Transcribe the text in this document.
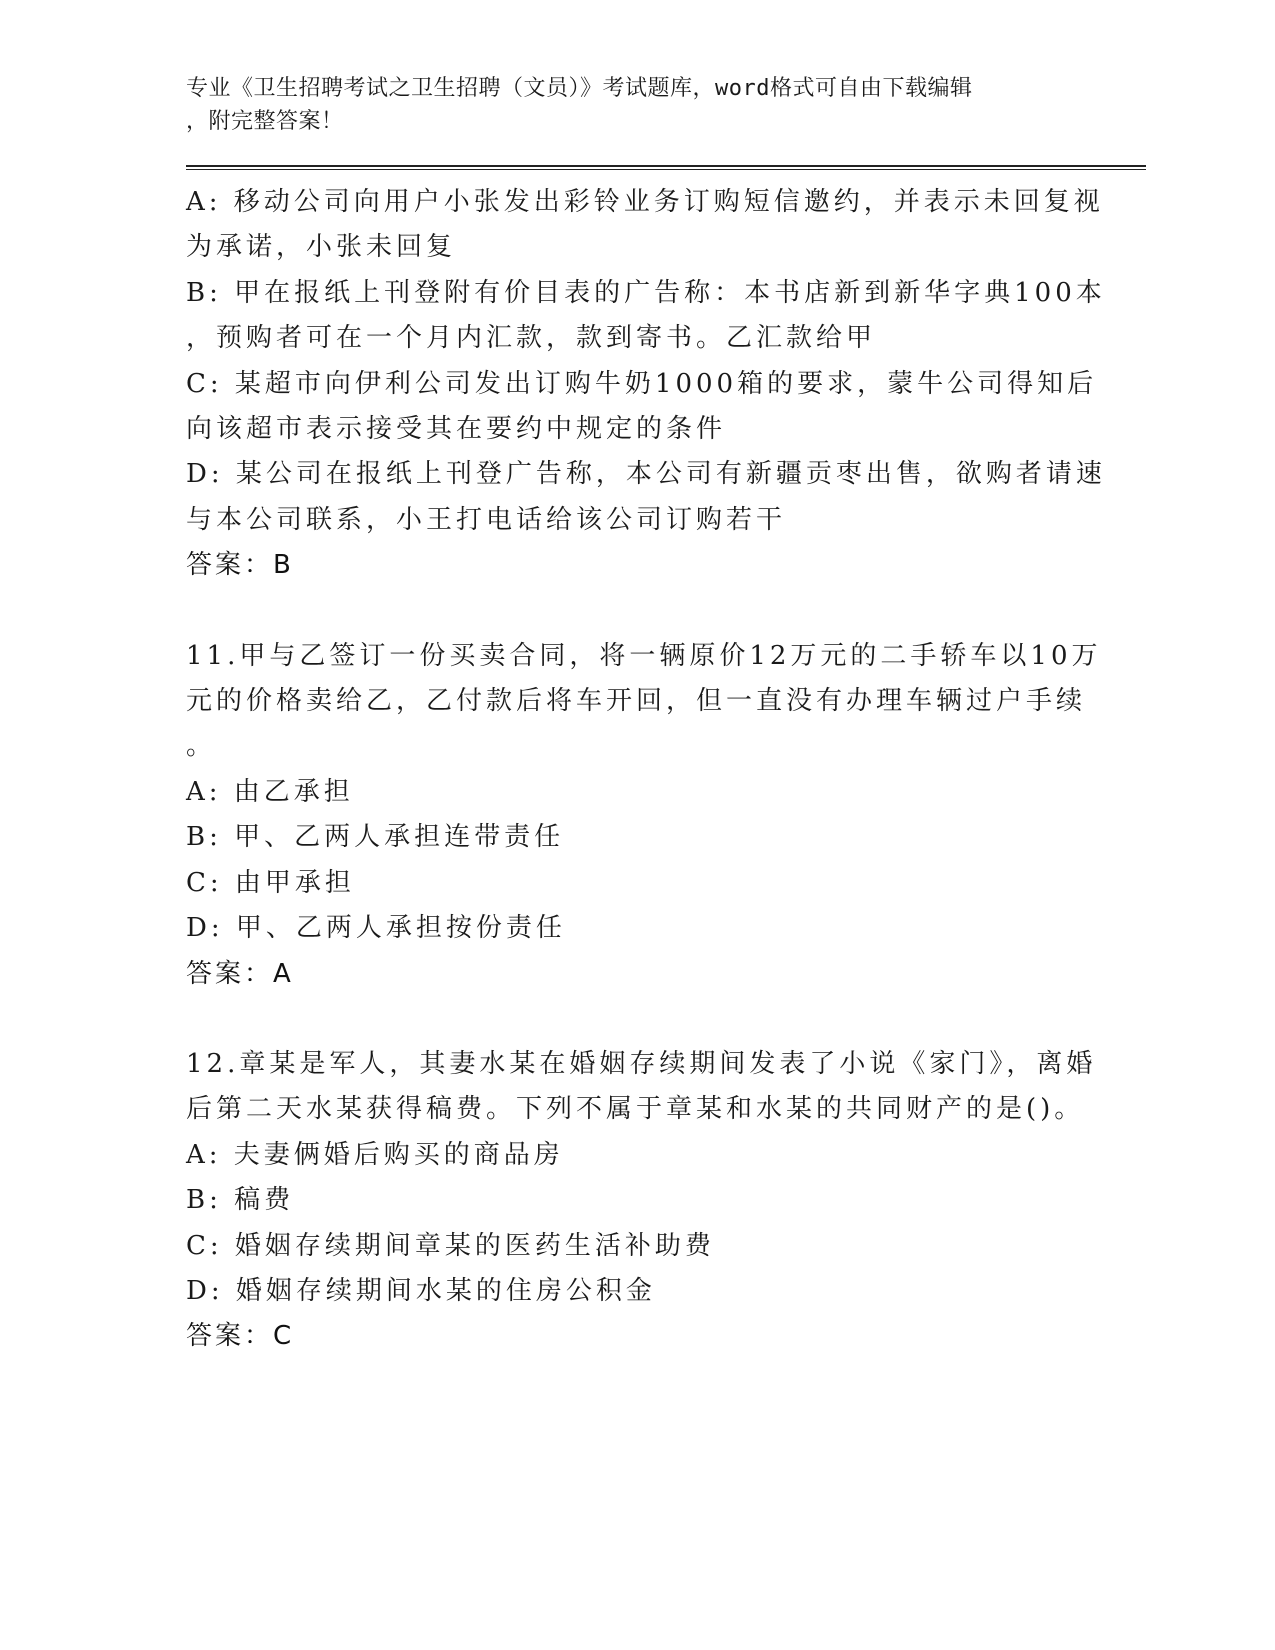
专业《卫生招聘考试之卫生招聘（文员）》考试题库，word格式可自由下载编辑
，附完整答案！
A: 移动公司向用户小张发出彩铃业务订购短信邀约，并表示未回复视
为承诺，小张未回复
B: 甲在报纸上刊登附有价目表的广告称：本书店新到新华字典100本
，预购者可在一个月内汇款，款到寄书。乙汇款给甲
C: 某超市向伊利公司发出订购牛奶1000箱的要求，蒙牛公司得知后
向该超市表示接受其在要约中规定的条件
D: 某公司在报纸上刊登广告称，本公司有新疆贡枣出售，欲购者请速
与本公司联系，小王打电话给该公司订购若干
答案：B
11.甲与乙签订一份买卖合同，将一辆原价12万元的二手轿车以10万
元的价格卖给乙，乙付款后将车开回，但一直没有办理车辆过户手续
。
A: 由乙承担
B: 甲、乙两人承担连带责任
C: 由甲承担
D: 甲、乙两人承担按份责任
答案：A
12.章某是军人，其妻水某在婚姻存续期间发表了小说《家门》，离婚
后第二天水某获得稿费。下列不属于章某和水某的共同财产的是()。
A: 夫妻俩婚后购买的商品房
B: 稿费
C: 婚姻存续期间章某的医药生活补助费
D: 婚姻存续期间水某的住房公积金
答案：C
